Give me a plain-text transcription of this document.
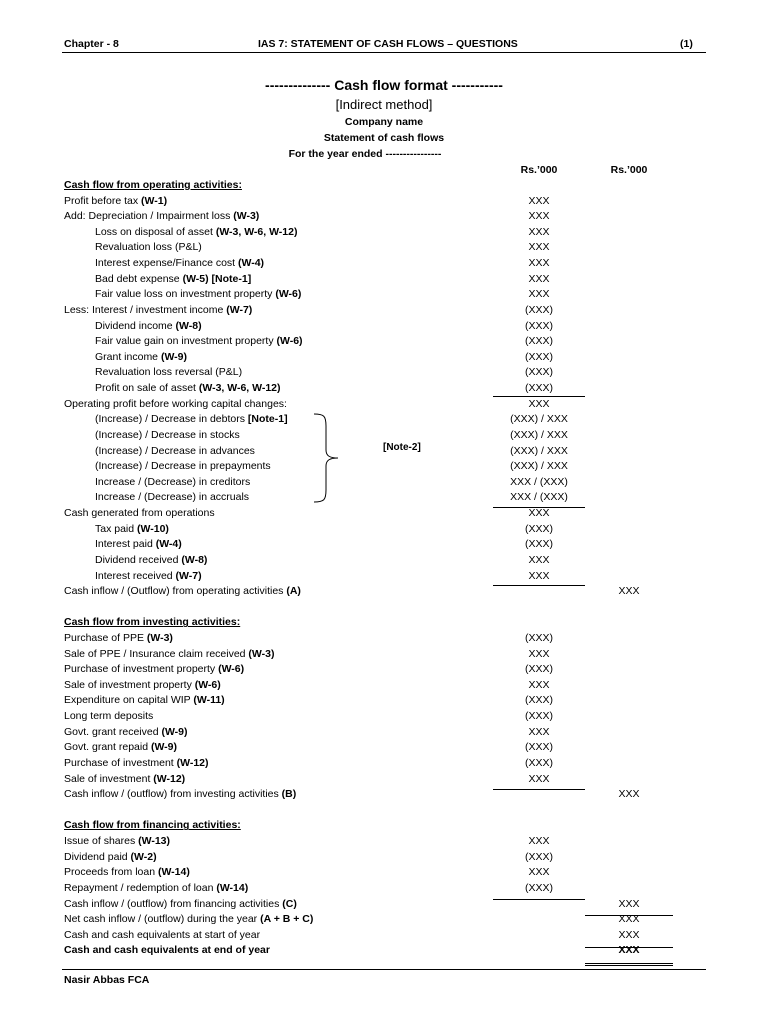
Chapter - 8	IAS 7: STATEMENT OF CASH FLOWS – QUESTIONS	(1)
-------------- Cash flow format -----------
[Indirect method]
Company name
Statement of cash flows
For the year ended ----------------
Rs.’000	Rs.’000
Cash flow from operating activities:
Profit before tax (W-1)	XXX
Add: Depreciation / Impairment loss (W-3)	XXX
Loss on disposal of asset (W-3, W-6, W-12)	XXX
Revaluation loss (P&L)	XXX
Interest expense/Finance cost (W-4)	XXX
Bad debt expense (W-5) [Note-1]	XXX
Fair value loss on investment property (W-6)	XXX
Less: Interest / investment income (W-7)	(XXX)
Dividend income (W-8)	(XXX)
Fair value gain on investment property (W-6)	(XXX)
Grant income (W-9)	(XXX)
Revaluation loss reversal (P&L)	(XXX)
Profit on sale of asset (W-3, W-6, W-12)	(XXX)
Operating profit before working capital changes:	XXX
(Increase) / Decrease in debtors [Note-1]	(XXX) / XXX
(Increase) / Decrease in stocks	(XXX) / XXX
(Increase) / Decrease in advances	(XXX) / XXX
(Increase) / Decrease in prepayments	(XXX) / XXX
Increase / (Decrease) in creditors	XXX / (XXX)
Increase / (Decrease) in accruals	XXX / (XXX)
Cash generated from operations	XXX
Tax paid (W-10)	(XXX)
Interest paid (W-4)	(XXX)
Dividend received (W-8)	XXX
Interest received (W-7)	XXX
Cash inflow / (Outflow) from operating activities (A)	XXX
Cash flow from investing activities:
Purchase of PPE (W-3)	(XXX)
Sale of PPE / Insurance claim received (W-3)	XXX
Purchase of investment property (W-6)	(XXX)
Sale of investment property (W-6)	XXX
Expenditure on capital WIP (W-11)	(XXX)
Long term deposits	(XXX)
Govt. grant received (W-9)	XXX
Govt. grant repaid (W-9)	(XXX)
Purchase of investment (W-12)	(XXX)
Sale of investment (W-12)	XXX
Cash inflow / (outflow) from investing activities (B)	XXX
Cash flow from financing activities:
Issue of shares (W-13)	XXX
Dividend paid (W-2)	(XXX)
Proceeds from loan (W-14)	XXX
Repayment / redemption of loan (W-14)	(XXX)
Cash inflow / (outflow) from financing activities (C)	XXX
Net cash inflow / (outflow) during the year (A + B + C)	XXX
Cash and cash equivalents at start of year	XXX
Cash and cash equivalents at end of year	XXX
[Note-2]
Nasir Abbas FCA
